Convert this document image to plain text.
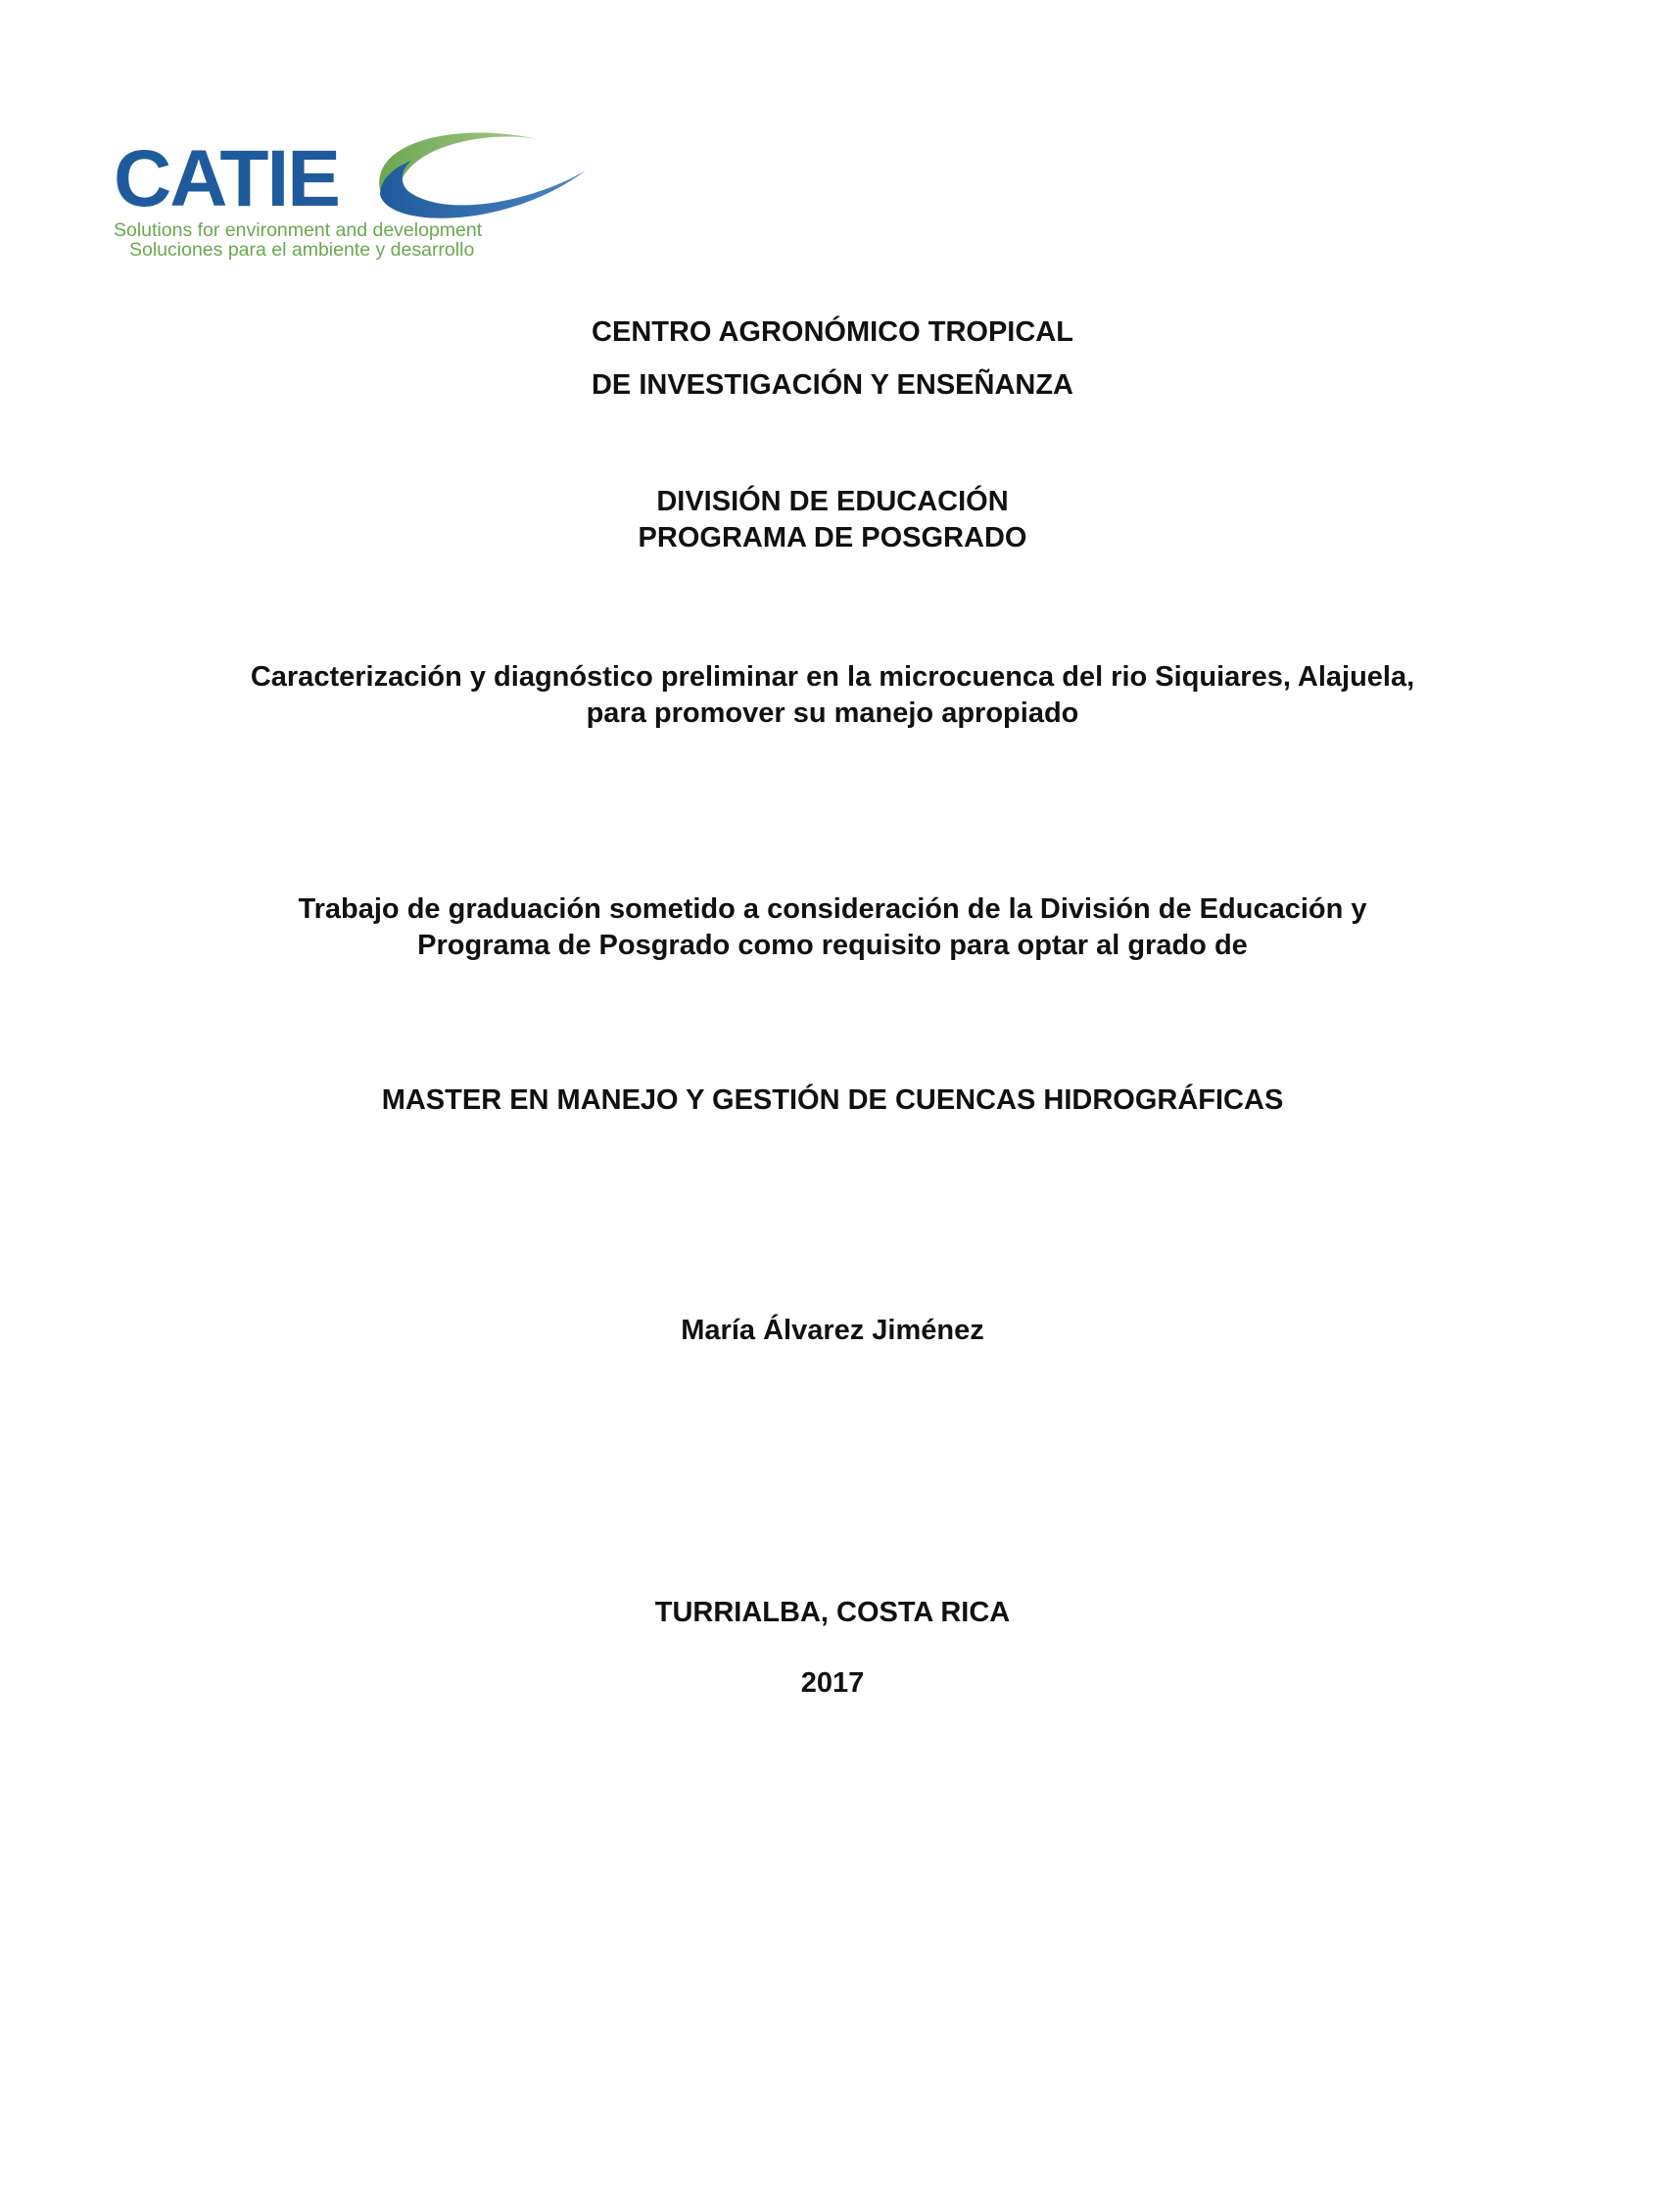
CATIE
Solutions for environment and development
Soluciones para el ambiente y desarrollo
CENTRO AGRONÓMICO TROPICAL
DE INVESTIGACIÓN Y ENSEÑANZA
DIVISIÓN DE EDUCACIÓN
PROGRAMA DE POSGRADO
Caracterización y diagnóstico preliminar en la microcuenca del rio Siquiares, Alajuela,
para promover su manejo apropiado
Trabajo de graduación sometido a consideración de la División de Educación y
Programa de Posgrado como requisito para optar al grado de
MASTER EN MANEJO Y GESTIÓN DE CUENCAS HIDROGRÁFICAS
María Álvarez Jiménez
TURRIALBA, COSTA RICA
2017
